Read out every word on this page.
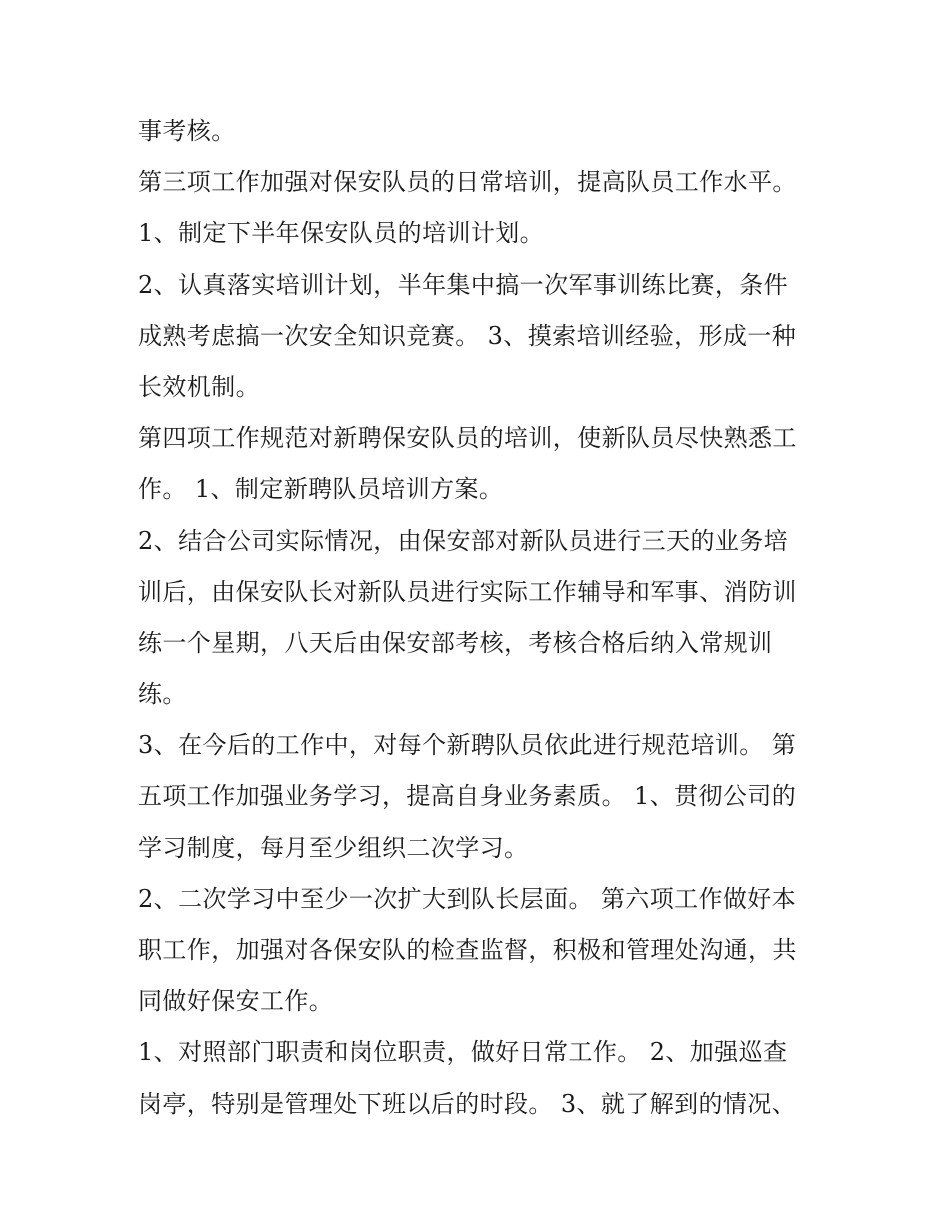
事考核。
第三项工作加强对保安队员的日常培训，提高队员工作水平。
1、制定下半年保安队员的培训计划。
2、认真落实培训计划，半年集中搞一次军事训练比赛，条件
成熟考虑搞一次安全知识竞赛。 3、摸索培训经验，形成一种
长效机制。
第四项工作规范对新聘保安队员的培训，使新队员尽快熟悉工
作。 1、制定新聘队员培训方案。
2、结合公司实际情况，由保安部对新队员进行三天的业务培
训后，由保安队长对新队员进行实际工作辅导和军事、消防训
练一个星期，八天后由保安部考核，考核合格后纳入常规训
练。
3、在今后的工作中，对每个新聘队员依此进行规范培训。 第
五项工作加强业务学习，提高自身业务素质。 1、贯彻公司的
学习制度，每月至少组织二次学习。
2、二次学习中至少一次扩大到队长层面。 第六项工作做好本
职工作，加强对各保安队的检查监督，积极和管理处沟通，共
同做好保安工作。
1、对照部门职责和岗位职责，做好日常工作。 2、加强巡查
岗亭，特别是管理处下班以后的时段。 3、就了解到的情况、
